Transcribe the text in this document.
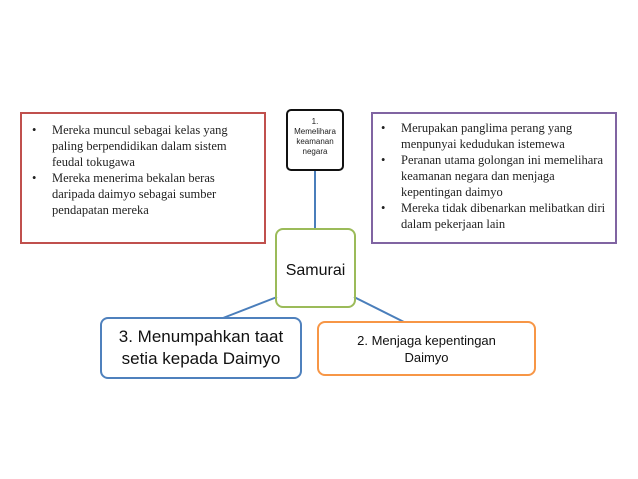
• Mereka muncul sebagai kelas yang paling berpendidikan dalam sistem feudal tokugawa
• Mereka menerima bekalan beras daripada daimyo sebagai sumber pendapatan mereka
1.
Memelihara
keamanan
negara
• Merupakan panglima perang yang menpunyai kedudukan istemewa
• Peranan utama golongan ini memelihara keamanan negara dan menjaga kepentingan daimyo
• Mereka tidak dibenarkan melibatkan diri dalam pekerjaan lain
Samurai
3. Menumpahkan taat
setia kepada Daimyo
2. Menjaga kepentingan
Daimyo
